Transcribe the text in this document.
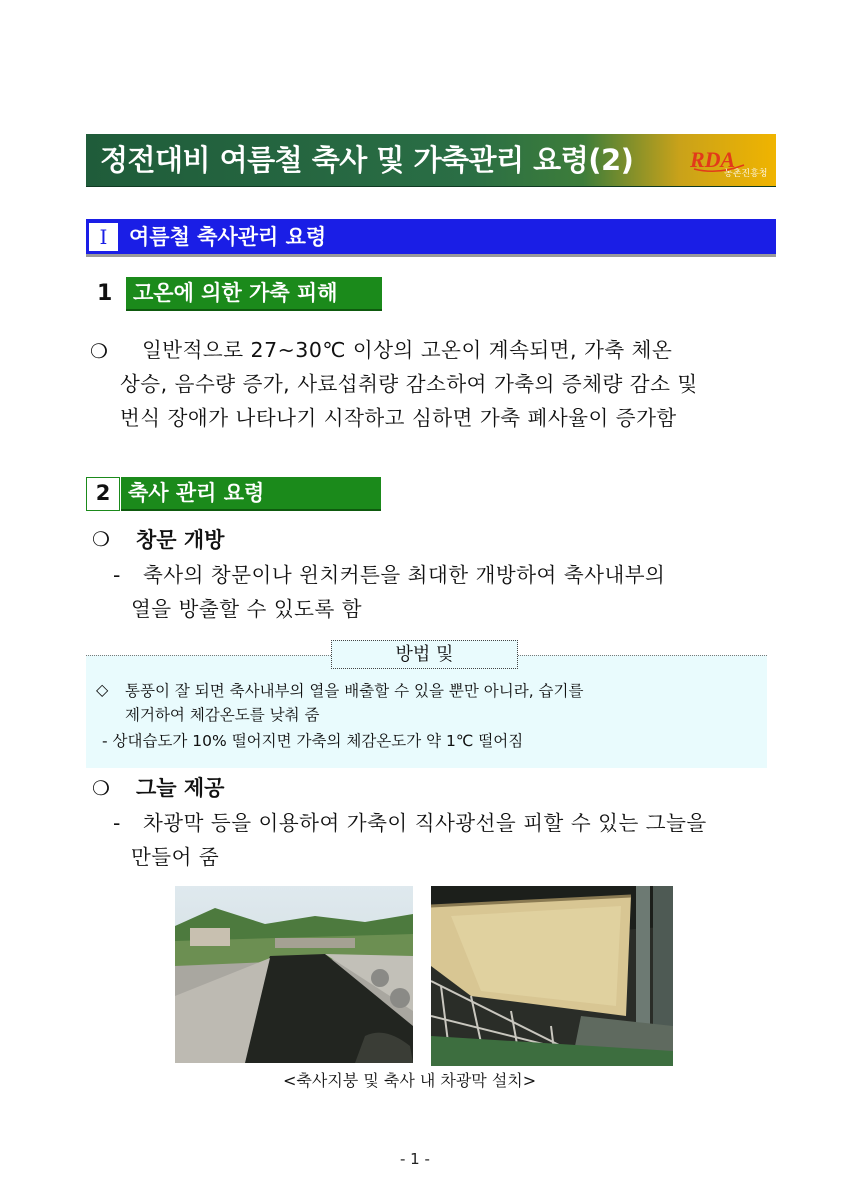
정전대비 여름철 축사 및 가축관리 요령(2)	RDA
농촌진흥청
Ⅰ	여름철 축사관리 요령
1 고온에 의한 가축 피해
❍ 일반적으로 27~30℃ 이상의 고온이 계속되면, 가축 체온
상승, 음수량 증가, 사료섭취량 감소하여 가축의 증체량 감소 및
번식 장애가 나타나기 시작하고 심하면 가축 폐사율이 증가함
2 축사 관리 요령
❍ 창문 개방
- 축사의 창문이나 윈치커튼을 최대한 개방하여 축사내부의
열을 방출할 수 있도록 함
방법 및
◇ 통풍이 잘 되면 축사내부의 열을 배출할 수 있을 뿐만 아니라, 습기를
제거하여 체감온도를 낮춰 줌
- 상대습도가 10% 떨어지면 가축의 체감온도가 약 1℃ 떨어짐
❍ 그늘 제공
- 차광막 등을 이용하여 가축이 직사광선을 피할 수 있는 그늘을
만들어 줌
<축사지붕 및 축사 내 차광막 설치>
- 1 -
